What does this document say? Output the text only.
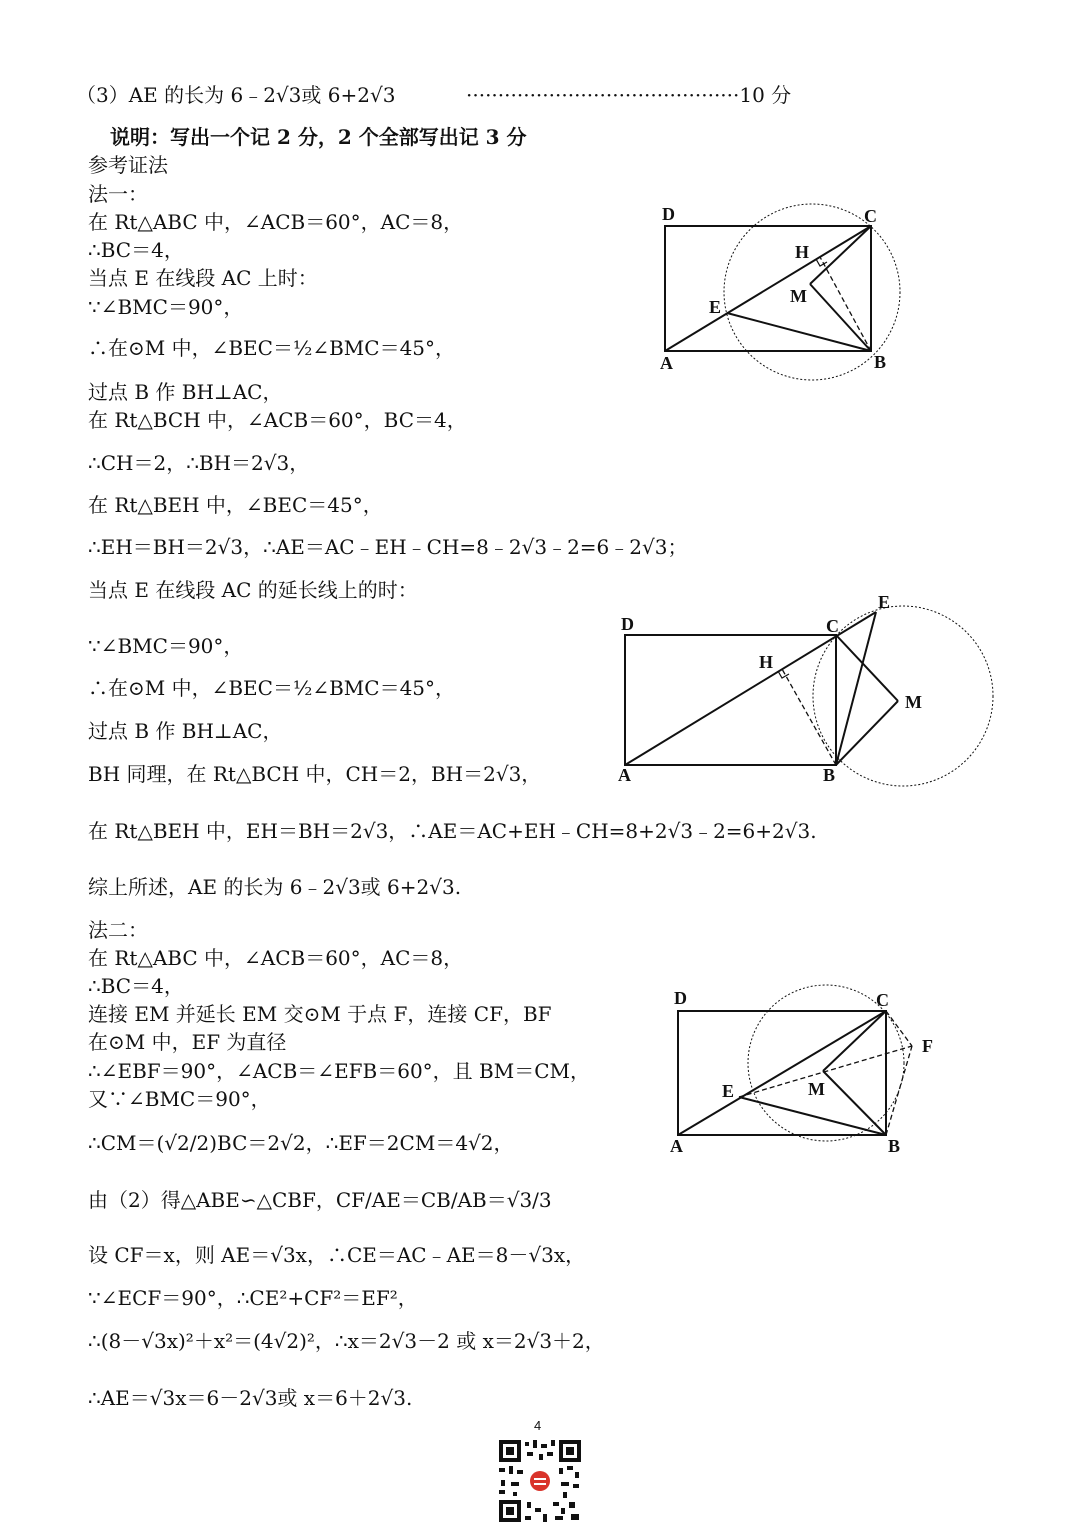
（3）AE 的长为 6﹣2√3或 6+2√3	···········································10 分
说明：写出一个记 2 分，2 个全部写出记 3 分
参考证法
法一：
在 Rt△ABC 中，∠ACB＝60°，AC＝8，
∴BC＝4，
当点 E 在线段 AC 上时：
∵∠BMC＝90°，
∴在⊙M 中，∠BEC＝½∠BMC＝45°，
过点 B 作 BH⊥AC，
在 Rt△BCH 中，∠ACB＝60°，BC＝4，
∴CH＝2，∴BH＝2√3，
在 Rt△BEH 中，∠BEC＝45°，
∴EH＝BH＝2√3，∴AE＝AC﹣EH﹣CH=8﹣2√3﹣2=6﹣2√3；
当点 E 在线段 AC 的延长线上的时：
∵∠BMC＝90°，
∴在⊙M 中，∠BEC＝½∠BMC＝45°，
过点 B 作 BH⊥AC，
BH 同理，在 Rt△BCH 中，CH＝2，BH＝2√3，
在 Rt△BEH 中，EH＝BH＝2√3，∴AE＝AC+EH﹣CH=8+2√3﹣2=6+2√3.
综上所述，AE 的长为 6﹣2√3或 6+2√3.
法二：
在 Rt△ABC 中，∠ACB＝60°，AC＝8，
∴BC＝4，
连接 EM 并延长 EM 交⊙M 于点 F，连接 CF，BF
在⊙M 中，EF 为直径
∴∠EBF＝90°，∠ACB＝∠EFB＝60°，且 BM＝CM，
又∵∠BMC＝90°，
∴CM＝(√2/2)BC＝2√2，∴EF＝2CM＝4√2，
由（2）得△ABE∽△CBF，CF/AE＝CB/AB＝√3/3
设 CF＝x，则 AE＝√3x，∴CE＝AC﹣AE＝8－√3x，
∵∠ECF＝90°，∴CE²+CF²＝EF²，
∴(8－√3x)²＋x²＝(4√2)²，∴x＝2√3－2 或 x＝2√3＋2，
∴AE＝√3x＝6－2√3或 x＝6＋2√3.
D	C
H
M
E
A	B
E
D	C
H
M
A	B
D	C
F
M
E
A	B
4
